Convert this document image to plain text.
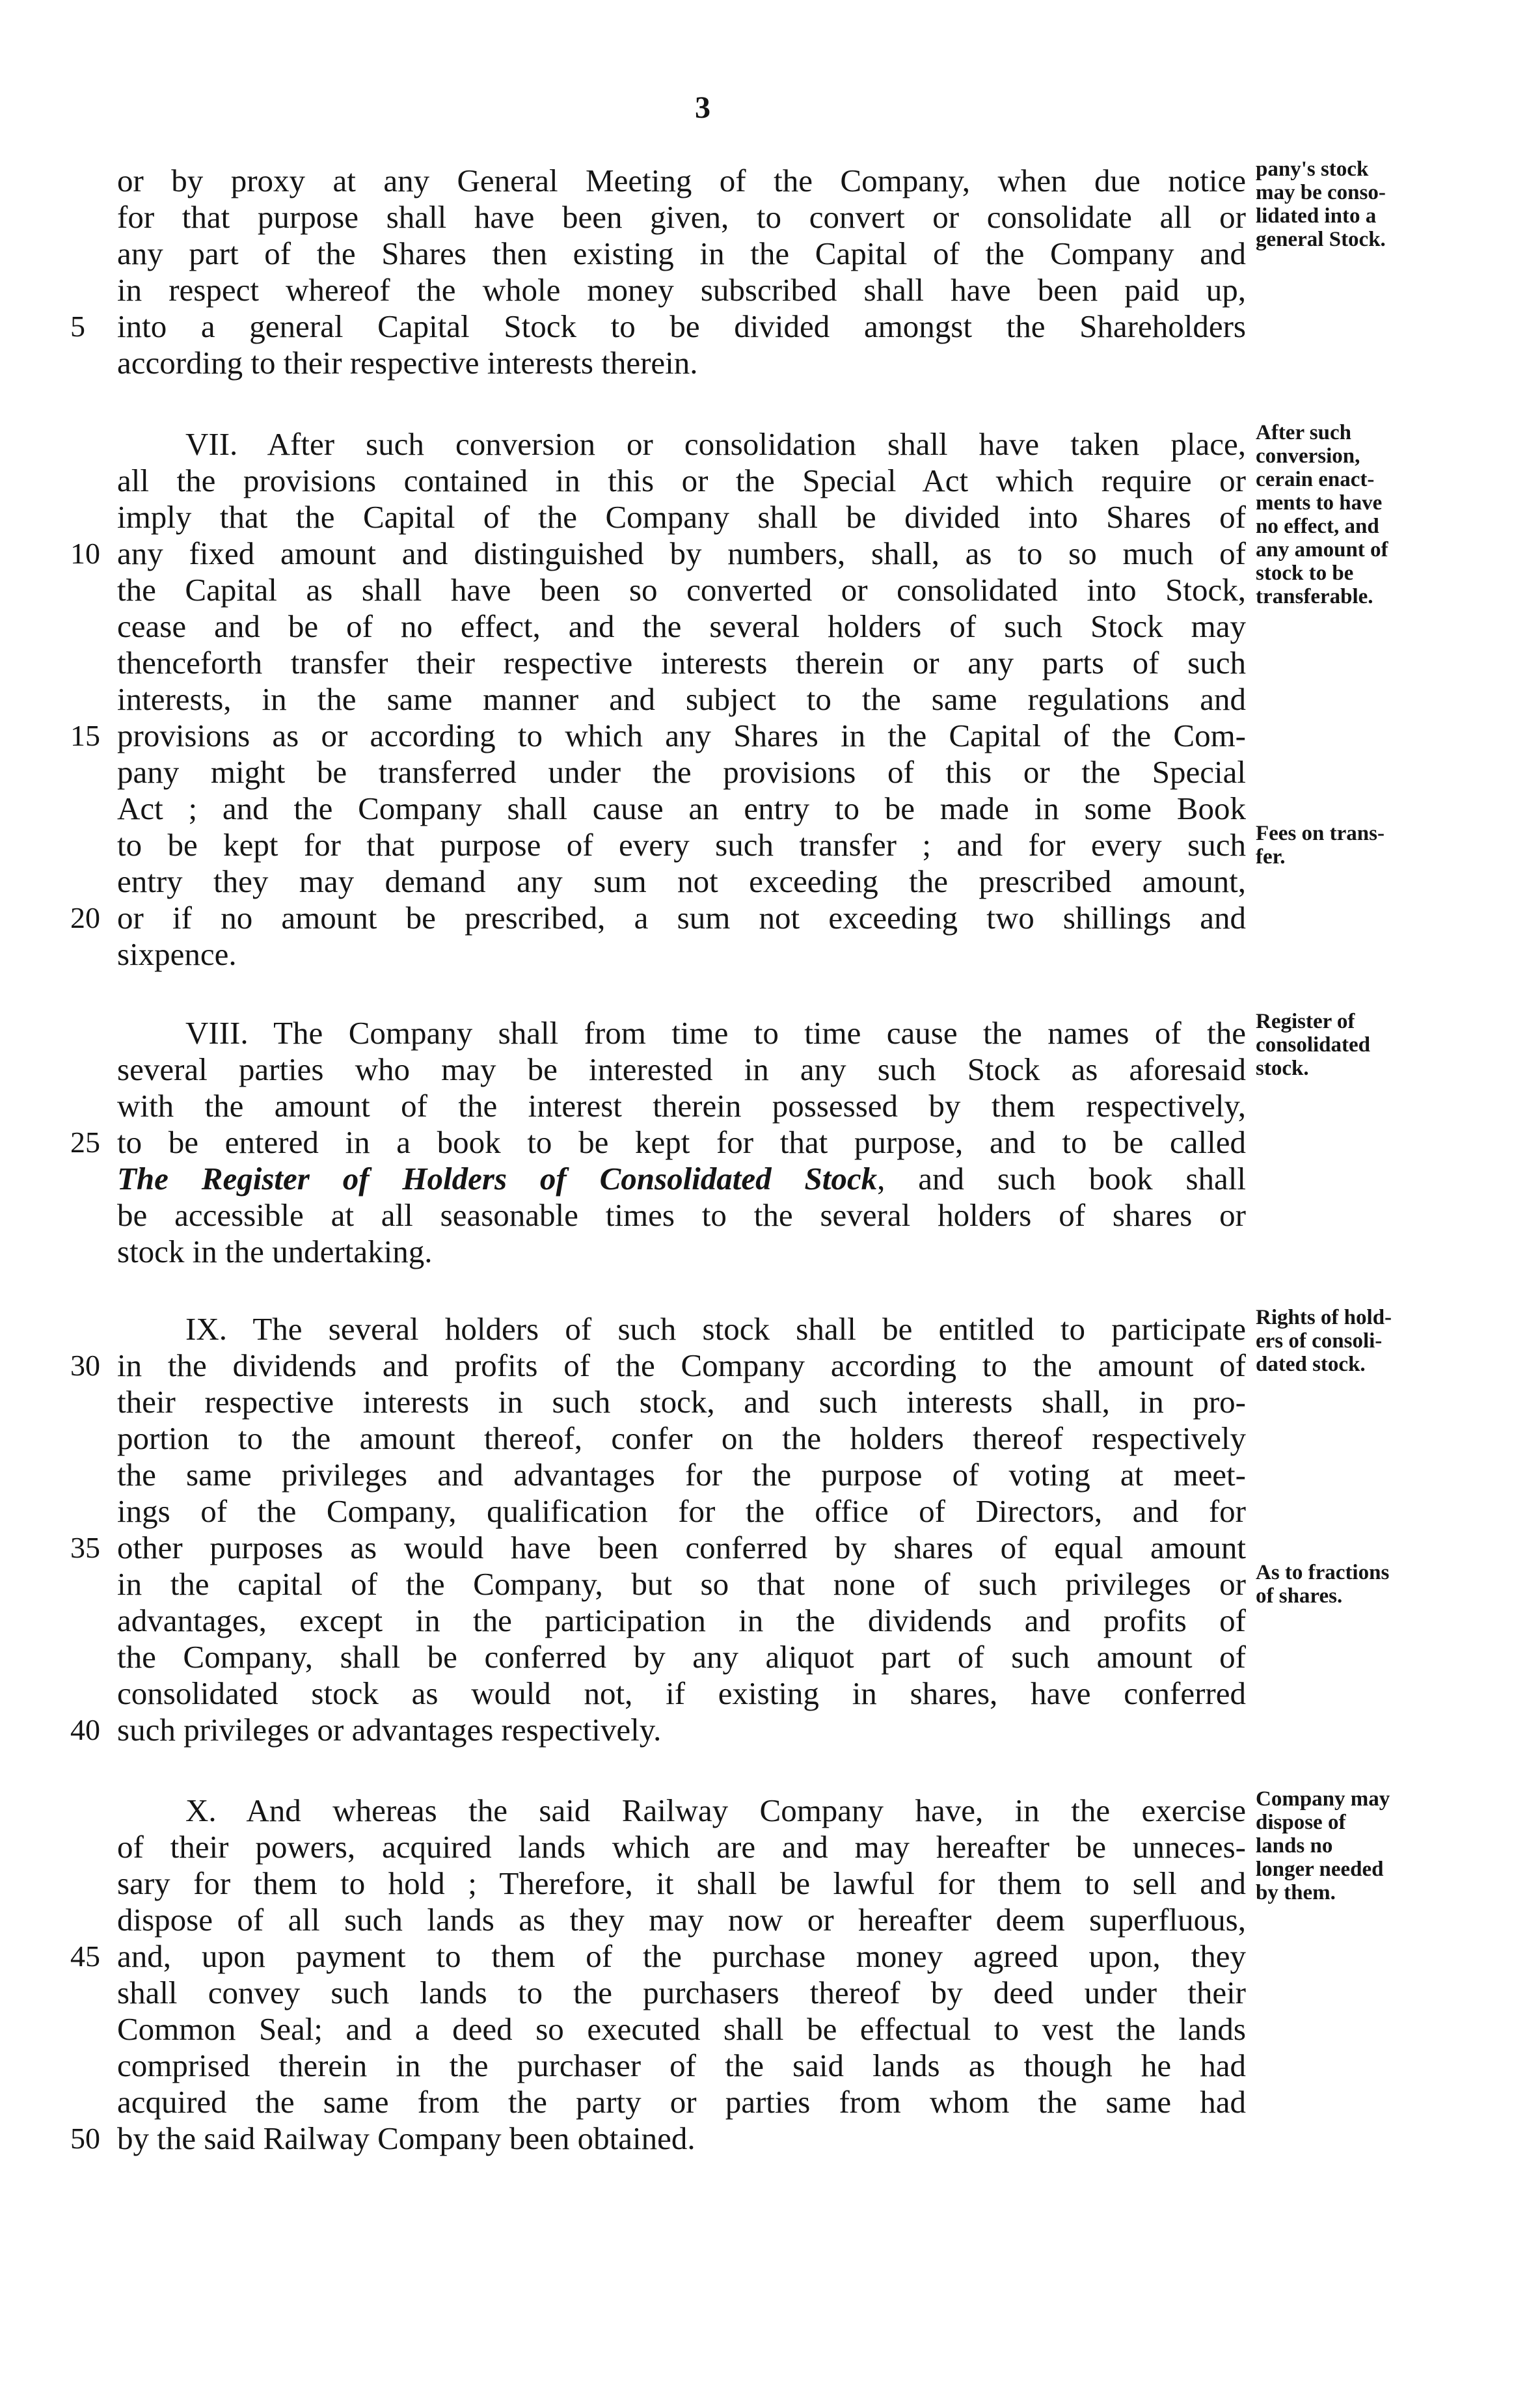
3
or by proxy at any General Meeting of the Company, when due notice
for that purpose shall have been given, to convert or consolidate all or
any part of the Shares then existing in the Capital of the Company and
in respect whereof the whole money subscribed shall have been paid up,
into a general Capital Stock to be divided amongst the Shareholders
according to their respective interests therein.
VII. After such conversion or consolidation shall have taken place,
all the provisions contained in this or the Special Act which require or
imply that the Capital of the Company shall be divided into Shares of
any fixed amount and distinguished by numbers, shall, as to so much of
the Capital as shall have been so converted or consolidated into Stock,
cease and be of no effect, and the several holders of such Stock may
thenceforth transfer their respective interests therein or any parts of such
interests, in the same manner and subject to the same regulations and
provisions as or according to which any Shares in the Capital of the Com-
pany might be transferred under the provisions of this or the Special
Act ; and the Company shall cause an entry to be made in some Book
to be kept for that purpose of every such transfer ; and for every such
entry they may demand any sum not exceeding the prescribed amount,
or if no amount be prescribed, a sum not exceeding two shillings and
sixpence.
VIII. The Company shall from time to time cause the names of the
several parties who may be interested in any such Stock as aforesaid
with the amount of the interest therein possessed by them respectively,
to be entered in a book to be kept for that purpose, and to be called
The Register of Holders of Consolidated Stock, and such book shall
be accessible at all seasonable times to the several holders of shares or
stock in the undertaking.
IX. The several holders of such stock shall be entitled to participate
in the dividends and profits of the Company according to the amount of
their respective interests in such stock, and such interests shall, in pro-
portion to the amount thereof, confer on the holders thereof respectively
the same privileges and advantages for the purpose of voting at meet-
ings of the Company, qualification for the office of Directors, and for
other purposes as would have been conferred by shares of equal amount
in the capital of the Company, but so that none of such privileges or
advantages, except in the participation in the dividends and profits of
the Company, shall be conferred by any aliquot part of such amount of
consolidated stock as would not, if existing in shares, have conferred
such privileges or advantages respectively.
X. And whereas the said Railway Company have, in the exercise
of their powers, acquired lands which are and may hereafter be unneces-
sary for them to hold ; Therefore, it shall be lawful for them to sell and
dispose of all such lands as they may now or hereafter deem superfluous,
and, upon payment to them of the purchase money agreed upon, they
shall convey such lands to the purchasers thereof by deed under their
Common Seal; and a deed so executed shall be effectual to vest the lands
comprised therein in the purchaser of the said lands as though he had
acquired the same from the party or parties from whom the same had
by the said Railway Company been obtained.
5
10
15
20
25
30
35
40
45
50
pany's stock
may be conso-
lidated into a
general Stock.
After such
conversion,
cerain enact-
ments to have
no effect, and
any amount of
stock to be
transferable.
Fees on trans-
fer.
Register of
consolidated
stock.
Rights of hold-
ers of consoli-
dated stock.
As to fractions
of shares.
Company may
dispose of
lands no
longer needed
by them.
